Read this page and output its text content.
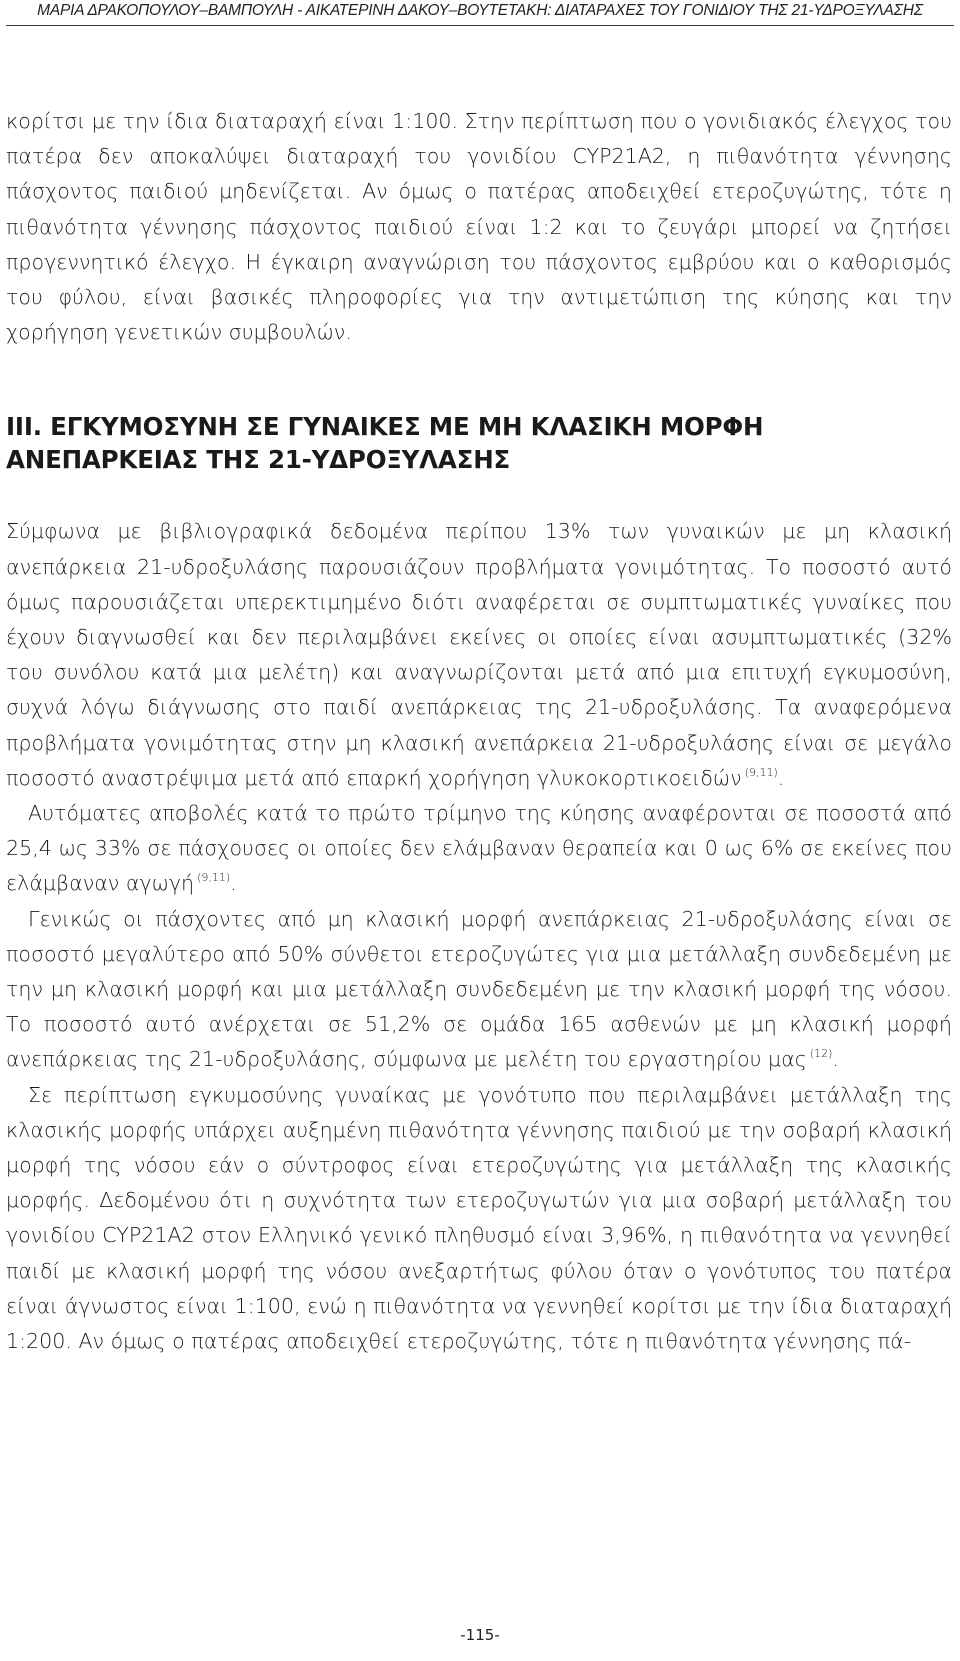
ΜΑΡΙΑ ΔΡΑΚΟΠΟΥΛΟΥ–ΒΑΜΠΟΥΛΗ - ΑΙΚΑΤΕΡΙΝΗ ΔΑΚΟΥ–ΒΟΥΤΕΤΑΚΗ: ΔΙΑΤΑΡΑΧΕΣ ΤΟΥ ΓΟΝΙΔΙΟΥ ΤΗΣ 21-ΥΔΡΟΞΥΛΑΣΗΣ

κορίτσι με την ίδια διαταραχή είναι 1:100. Στην περίπτωση που ο γονιδιακός έλεγχος του πατέρα δεν αποκαλύψει διαταραχή του γονιδίου CYP21A2, η πιθανότητα γέννησης πάσχοντος παιδιού μηδενίζεται. Αν όμως ο πατέρας αποδειχθεί ετεροζυγώτης, τότε η πιθανότητα γέννησης πάσχοντος παιδιού είναι 1:2 και το ζευγάρι μπορεί να ζητήσει προγεννητικό έλεγχο. Η έγκαιρη αναγνώριση του πάσχοντος εμβρύου και ο καθορισμός του φύλου, είναι βασικές πληροφορίες για την αντιμετώπιση της κύησης και την χορήγηση γενετικών συμβουλών.

III. ΕΓΚΥΜΟΣΥΝΗ ΣΕ ΓΥΝΑΙΚΕΣ ΜΕ ΜΗ ΚΛΑΣΙΚΗ ΜΟΡΦΗ
ΑΝΕΠΑΡΚΕΙΑΣ ΤΗΣ 21-ΥΔΡΟΞΥΛΑΣΗΣ

Σύμφωνα με βιβλιογραφικά δεδομένα περίπου 13% των γυναικών με μη κλασική ανεπάρκεια 21-υδροξυλάσης παρουσιάζουν προβλήματα γονιμότητας. Το ποσοστό αυτό όμως παρουσιάζεται υπερεκτιμημένο διότι αναφέρεται σε συμπτωματικές γυναίκες που έχουν διαγνωσθεί και δεν περιλαμβάνει εκείνες οι οποίες είναι ασυμπτωματικές (32% του συνόλου κατά μια μελέτη) και αναγνωρίζονται μετά από μια επιτυχή εγκυμοσύνη, συχνά λόγω διάγνωσης στο παιδί ανεπάρκειας της 21-υδροξυλάσης. Τα αναφερόμενα προβλήματα γονιμότητας στην μη κλασική ανεπάρκεια 21-υδροξυλάσης είναι σε μεγάλο ποσοστό αναστρέψιμα μετά από επαρκή χορήγηση γλυκοκορτικοειδών $^{(9,11)}$.

Αυτόματες αποβολές κατά το πρώτο τρίμηνο της κύησης αναφέρονται σε ποσοστά από 25,4 ως 33% σε πάσχουσες οι οποίες δεν ελάμβαναν θεραπεία και 0 ως 6% σε εκείνες που ελάμβαναν αγωγή $^{(9,11)}$.

Γενικώς οι πάσχοντες από μη κλασική μορφή ανεπάρκειας 21-υδροξυλάσης είναι σε ποσοστό μεγαλύτερο από 50% σύνθετοι ετεροζυγώτες για μια μετάλλαξη συνδεδεμένη με την μη κλασική μορφή και μια μετάλλαξη συνδεδεμένη με την κλασική μορφή της νόσου. Το ποσοστό αυτό ανέρχεται σε 51,2% σε ομάδα 165 ασθενών με μη κλασική μορφή ανεπάρκειας της 21-υδροξυλάσης, σύμφωνα με μελέτη του εργαστηρίου μας $^{(12)}$.

Σε περίπτωση εγκυμοσύνης γυναίκας με γονότυπο που περιλαμβάνει μετάλλαξη της κλασικής μορφής υπάρχει αυξημένη πιθανότητα γέννησης παιδιού με την σοβαρή κλασική μορφή της νόσου εάν ο σύντροφος είναι ετεροζυγώτης για μετάλλαξη της κλασικής μορφής. Δεδομένου ότι η συχνότητα των ετεροζυγωτών για μια σοβαρή μετάλλαξη του γονιδίου CYP21A2 στον Ελληνικό γενικό πληθυσμό είναι 3,96%, η πιθανότητα να γεννηθεί παιδί με κλασική μορφή της νόσου ανεξαρτήτως φύλου όταν ο γονότυπος του πατέρα είναι άγνωστος είναι 1:100, ενώ η πιθανότητα να γεννηθεί κορίτσι με την ίδια διαταραχή 1:200. Αν όμως ο πατέρας αποδειχθεί ετεροζυγώτης, τότε η πιθανότητα γέννησης πά-

-115-
